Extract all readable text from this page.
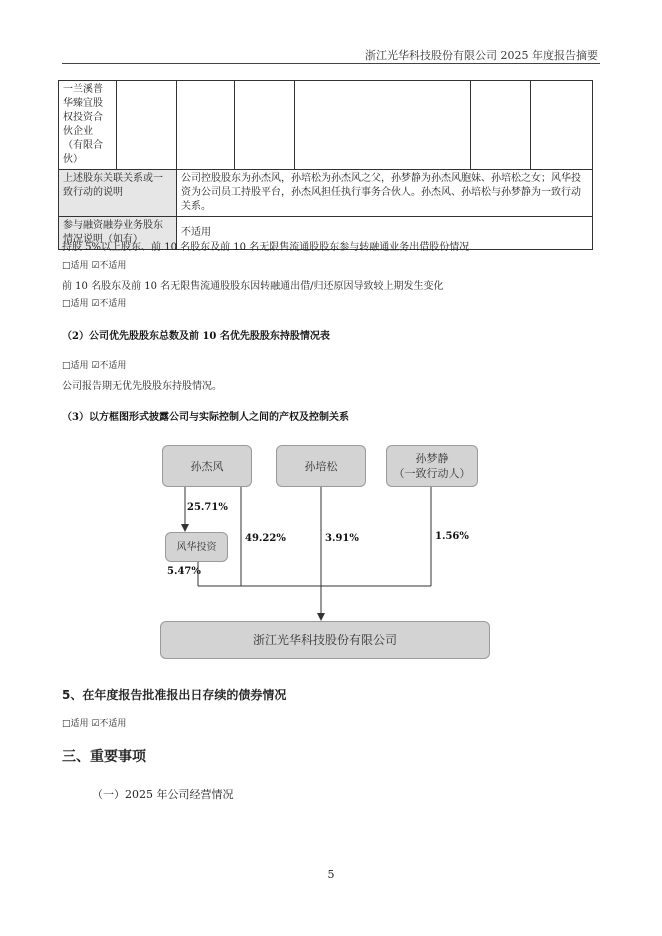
浙江光华科技股份有限公司 2025 年度报告摘要
一兰溪普华臻宜股权投资合伙企业（有限合伙）						
上述股东关联关系或一致行动的说明		公司控股股东为孙杰风，孙培松为孙杰风之父，孙梦静为孙杰风胞妹、孙培松之女；风华投资为公司员工持股平台，孙杰风担任执行事务合伙人。孙杰风、孙培松与孙梦静为一致行动关系。				
参与融资融券业务股东情况说明（如有）		不适用				
持股 5%以上股东、前 10 名股东及前 10 名无限售流通股股东参与转融通业务出借股份情况
□适用 ☑不适用
前 10 名股东及前 10 名无限售流通股股东因转融通出借/归还原因导致较上期发生变化
□适用 ☑不适用
（2）公司优先股股东总数及前 10 名优先股股东持股情况表
□适用 ☑不适用
公司报告期无优先股股东持股情况。
（3）以方框图形式披露公司与实际控制人之间的产权及控制关系
孙杰风	孙培松
孙梦静
（一致行动人）
风华投资
浙江光华科技股份有限公司
25.71%
5.47%
49.22%	3.91%	1.56%
5、在年度报告批准报出日存续的债券情况
□适用 ☑不适用
三、重要事项
（一）2025 年公司经营情况
5
